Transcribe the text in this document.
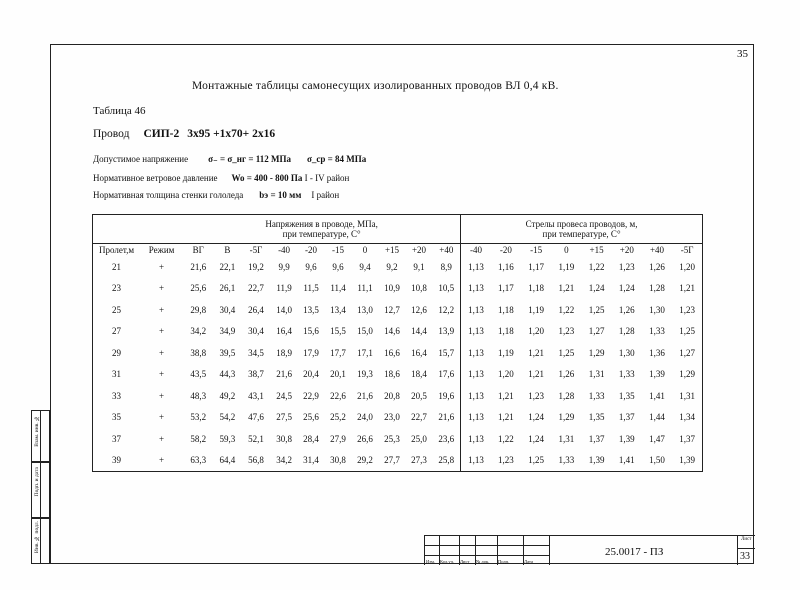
35
Монтажные таблицы самонесущих изолированных проводов ВЛ 0,4 кВ.
Таблица 46
Провод СИП-2 3х95 +1х70+ 2х16
Допустимое напряжение σ₋ = σ_нг = 112 МПа σ_ср = 84 МПа
Нормативное ветровое давление Wo = 400 - 800 Па I - IV район
Нормативная толщина стенки гололеда bэ = 10 мм I район
		Напряжения в проводе, МПа,
при температуре, С°										Стрелы провеса проводов, м,
при температуре, С°							
Пролет,м	Режим	ВГ	В	-5Г	-40	-20	-15	0	+15	+20	+40	-40	-20	-15	0	+15	+20	+40	-5Г
21	+	21,6	22,1	19,2	9,9	9,6	9,6	9,4	9,2	9,1	8,9	1,13	1,16	1,17	1,19	1,22	1,23	1,26	1,20
23	+	25,6	26,1	22,7	11,9	11,5	11,4	11,1	10,9	10,8	10,5	1,13	1,17	1,18	1,21	1,24	1,24	1,28	1,21
25	+	29,8	30,4	26,4	14,0	13,5	13,4	13,0	12,7	12,6	12,2	1,13	1,18	1,19	1,22	1,25	1,26	1,30	1,23
27	+	34,2	34,9	30,4	16,4	15,6	15,5	15,0	14,6	14,4	13,9	1,13	1,18	1,20	1,23	1,27	1,28	1,33	1,25
29	+	38,8	39,5	34,5	18,9	17,9	17,7	17,1	16,6	16,4	15,7	1,13	1,19	1,21	1,25	1,29	1,30	1,36	1,27
31	+	43,5	44,3	38,7	21,6	20,4	20,1	19,3	18,6	18,4	17,6	1,13	1,20	1,21	1,26	1,31	1,33	1,39	1,29
33	+	48,3	49,2	43,1	24,5	22,9	22,6	21,6	20,8	20,5	19,6	1,13	1,21	1,23	1,28	1,33	1,35	1,41	1,31
35	+	53,2	54,2	47,6	27,5	25,6	25,2	24,0	23,0	22,7	21,6	1,13	1,21	1,24	1,29	1,35	1,37	1,44	1,34
37	+	58,2	59,3	52,1	30,8	28,4	27,9	26,6	25,3	25,0	23,6	1,13	1,22	1,24	1,31	1,37	1,39	1,47	1,37
39	+	63,3	64,4	56,8	34,2	31,4	30,8	29,2	27,7	27,3	25,8	1,13	1,23	1,25	1,33	1,39	1,41	1,50	1,39
Изм. Кол.уч. Лист № док. Подп.	Дата
25.0017 - ПЗ
Лист
33
Взам. инв. №
Подп. и дата
Инв. № подл.
